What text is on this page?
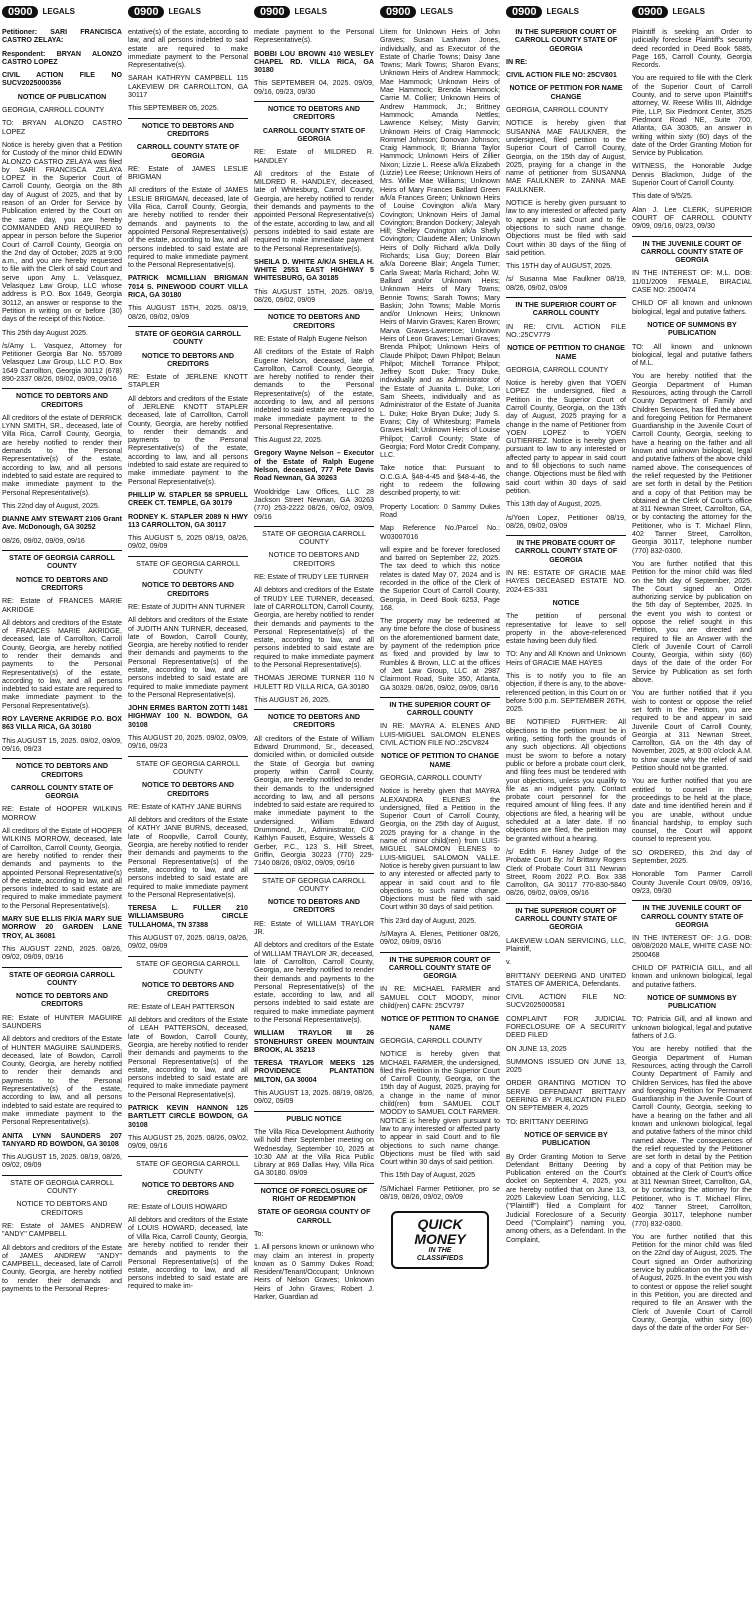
0900	LEGALS

Petitioner: SARI FRANCISCA CASTRO ZELAYA:

Respondent: BRYAN ALONZO CASTRO LOPEZ

CIVIL ACTION FILE NO SUCV2025000356

NOTICE OF PUBLICATION

GEORGIA, CARROLL COUNTY

TO: BRYAN ALONZO CASTRO LOPEZ

Notice is hereby given that a Petition for Custody of the minor child EDWIN ALONZO CASTRO ZELAYA was filed by SARI FRANCISCA ZELAYA LOPEZ in the Superior Court of Carroll County, Georgia on the 8th day of August of 2025, and that by reason of an Order for Service by Publication entered by the Court on the same day, you are hereby COMMANDED AND REQUIRED to appear in person before the Superior Court of Carroll County, Georgia on the 2nd day of October, 2025 at 9:00 a.m., and you are hereby requested to file with the Clerk of said Court and serve upon Amy L. Velasquez, Velasquez Law Group, LLC whose address is P.O. Box 1649, Georgia 30112, an answer or response to the Petition in writing on or before (30) days of the receipt of this Notice.

This 25th day August 2025.

/s/Amy L. Vasquez, Attorney for Petitioner Georgia Bar No. 557089 Velasquez Law Group, LLC P.O. Box 1649 Carrollton, Georgia 30112 (678) 890-2337 08/26, 09/02, 09/09, 09/16

NOTICE TO DEBTORS AND CREDITORS

All creditors of the estate of DERRICK LYNN SMITH, SR., deceased, late of Villa Rica, Carroll County, Georgia, are hereby notified to render their demands to the Personal Representative(s) of the estate, according to law, and all persons indebted to said estate are required to make immediate payment to the Personal Representative(s).

This 22nd day of August, 2025.

DIANNE AMY STEWART 2106 Grant Ave. McDonough, GA 30252

08/26, 09/02, 09/09, 09/16

STATE OF GEORGIA CARROLL COUNTY

NOTICE TO DEBTORS AND CREDITORS

RE: Estate of FRANCES MARIE AKRIDGE

All debtors and creditors of the Estate of FRANCES MARIE AKRIDGE, deceased, late of Carrollton, Carroll County, Georgia, are hereby notified to render their demands and payments to the Personal Representative(s) of the estate, according to law, and all persons indebted to said estate are required to make immediate payment to the Personal Representative(s).

ROY LAVERNE AKRIDGE P.O. BOX 863 VILLA RICA, GA 30180

This AUGUST 15, 2025. 09/02, 09/09, 09/16, 09/23

NOTICE TO DEBTORS AND CREDITORS

CARROLL COUNTY STATE OF GEORGIA

RE: Estate of HOOPER WILKINS MORROW

All creditors of the Estate of HOOPER WILKINS MORROW, deceased, late of Carrollton, Carroll County, Georgia, are hereby notified to render their demands and payments to the appointed Personal Representative(s) of the estate, according to law, and all persons indebted to said estate are required to make immediate payment to the Personal Representative(s).

MARY SUE ELLIS F/K/A MARY SUE MORROW 20 GARDEN LANE TROY, AL 36081

This AUGUST 22ND, 2025. 08/26, 09/02, 09/09, 09/16

STATE OF GEORGIA CARROLL COUNTY

NOTICE TO DEBTORS AND CREDITORS

RE: Estate of HUNTER MAGUIRE SAUNDERS

All debtors and creditors of the Estate of HUNTER MAGUIRE SAUNDERS, deceased, late of Bowdon, Carroll County, Georgia, are hereby notified to render their demands and payments to the Personal Representative(s) of the estate, according to law, and all persons indebted to said estate are required to make immediate payment to the Personal Representative(s).

ANITA LYNN SAUNDERS 207 TANYARD RD BOWDON, GA 30108

This AUGUST 15, 2025. 08/19, 08/26, 09/02, 09/09

STATE OF GEORGIA CARROLL COUNTY

NOTICE TO DEBTORS AND CREDITORS

RE: Estate of JAMES ANDREW "ANDY" CAMPBELL

All debtors and creditors of the Estate of JAMES ANDREW "ANDY" CAMPBELL, deceased, late of Carroll County, Georgia, are hereby notified to render their demands and payments to the Personal Repres-

0900	LEGALS

entative(s) of the estate, according to law, and all persons indebted to said estate are required to make immediate payment to the Personal Representative(s).

SARAH KATHRYN CAMPBELL 115 LAKEVIEW DR CARROLLTON, GA 30117

This SEPTEMBER 05, 2025.

NOTICE TO DEBTORS AND CREDITORS

CARROLL COUNTY STATE OF GEORGIA

RE: Estate of JAMES LESLIE BRIGMAN

All creditors of the Estate of JAMES LESLIE BRIGMAN, deceased, late of Villa Rica, Carroll County, Georgia, are hereby notified to render their demands and payments to the appointed Personal Representative(s) of the estate, according to law, and all persons indebted to said estate are required to make immediate payment to the Personal Representative(s).

PATRICK MCMILLIAN BRIGMAN 7014 S. PINEWOOD COURT VILLA RICA, GA 30180

This AUGUST 15TH, 2025. 08/19, 08/26, 09/02, 09/09

STATE OF GEORGIA CARROLL COUNTY

NOTICE TO DEBTORS AND CREDITORS

RE: Estate of JERLENE KNOTT STAPLER

All debtors and creditors of the Estate of JERLENE KNOTT STAPLER deceased, late of Carrollton, Carroll County, Georgia, are hereby notified to render their demands and payments to the Personal Representative(s) of the estate, according to law, and all persons indebted to said estate are required to make immediate payment to the Personal Representative(s).

PHILLIP W. STAPLER 58 SPRUELL CREEK CT. TEMPLE, GA 30179

RODNEY K. STAPLER 2089 N HWY 113 CARROLLTON, GA 30117

This AUGUST 5, 2025 08/19, 08/26, 09/02, 09/09

STATE OF GEORGIA CARROLL COUNTY

NOTICE TO DEBTORS AND CREDITORS

RE: Estate of JUDITH ANN TURNER

All debtors and creditors of the Estate of JUDITH ANN TURNER, deceased, late of Bowdon, Carroll County, Georgia, are hereby notified to render their demands and payments to the Personal Representative(s) of the estate, according to law, and all persons indebted to said estate are required to make immediate payment to the Personal Representative(s).

JOHN ERMES BARTON ZOTTI 1481 HIGHWAY 100 N. BOWDON, GA 30108

This AUGUST 20, 2025. 09/02, 09/09, 09/16, 09/23

STATE OF GEORGIA CARROLL COUNTY

NOTICE TO DEBTORS AND CREDITORS

RE: Estate of KATHY JANE BURNS

All debtors and creditors of the Estate of KATHY JANE BURNS, deceased, late of Roopville, Carroll County, Georgia, are hereby notified to render their demands and payments to the Personal Representative(s) of the estate, according to law, and all persons indebted to said estate are required to make immediate payment to the Personal Representative(s).

TERESA L. FULLER 210 WILLIAMSBURG CIRCLE TULLAHOMA, TN 37388

This AUGUST 07, 2025. 08/19, 08/26, 09/02, 09/09

STATE OF GEORGIA CARROLL COUNTY

NOTICE TO DEBTORS AND CREDITORS

RE: Estate of LEAH PATTERSON

All debtors and creditors of the Estate of LEAH PATTERSON, deceased, late of Bowdon, Carroll County, Georgia, are hereby notified to render their demands and payments to the Personal Representative(s) of the estate, according to law, and all persons indebted to said estate are required to make immediate payment to the Personal Representative(s).

PATRICK KEVIN HANNON 125 BARTLETT CIRCLE BOWDON, GA 30108

This AUGUST 25, 2025. 08/26, 09/02, 09/09, 09/16

STATE OF GEORGIA CARROLL COUNTY

NOTICE TO DEBTORS AND CREDITORS

RE: Estate of LOUIS HOWARD

All debtors and creditors of the Estate of LOUIS HOWARD, deceased, late of Villa Rica, Carroll County, Georgia, are hereby notified to render their demands and payments to the Personal Representative(s) of the estate, according to law, and all persons indebted to said estate are required to make im-

0900	LEGALS

mediate payment to the Personal Representative(s).

BOBBI LOU BROWN 410 WESLEY CHAPEL RD. VILLA RICA, GA 30180

This SEPTEMBER 04, 2025. 09/09, 09/16, 09/23, 09/30

NOTICE TO DEBTORS AND CREDITORS

CARROLL COUNTY STATE OF GEORGIA

RE: Estate of MILDRED R. HANDLEY

All creditors of the Estate of MILDRED R. HANDLEY, deceased, late of Whitesburg, Carroll County, Georgia, are hereby notified to render their demands and payments to the appointed Personal Representative(s) of the estate, according to law, and all persons indebted to said estate are required to make immediate payment to the Personal Representative(s).

SHEILA D. WHITE A/K/A SHEILA H. WHITE 2551 EAST HIGHWAY 5 WHITESBURG, GA 30185

This AUGUST 15TH, 2025. 08/19, 08/26, 09/02, 09/09

NOTICE TO DEBTORS AND CREDITORS

RE: Estate of Ralph Eugene Nelson

All creditors of the Estate of Ralph Eugene Nelson, deceased, late of Carrollton, Carroll County, Georgia, are hereby notified to render their demands to the Personal Representative(s) of the estate, according to law, and all persons indebted to said estate are required to make immediate payment to the Personal Representative.

This August 22, 2025.

Gregory Wayne Nelson – Executor of the Estate of Ralph Eugene Nelson, deceased, 777 Pete Davis Road Newnan, GA 30263

Wooldridge Law Offices, LLC 28 Jackson Street Newnan, GA 30263 (770) 253-2222 08/26, 09/02, 09/09, 09/16

STATE OF GEORGIA CARROLL COUNTY

NOTICE TO DEBTORS AND CREDITORS

RE: Estate of TRUDY LEE TURNER

All debtors and creditors of the Estate of TRUDY LEE TURNER, deceased, late of CARROLLTON, Carroll County, Georgia, are hereby notified to render their demands and payments to the Personal Representative(s) of the estate, according to law, and all persons indebted to said estate are required to make immediate payment to the Personal Representative(s).

THOMAS JEROME TURNER 110 N HULETT RD VILLA RICA, GA 30180

This AUGUST 26, 2025.

NOTICE TO DEBTORS AND CREDITORS

All creditors of the Estate of William Edward Drummond, Sr., deceased, domiciled within, or domiciled outside the State of Georgia but owning property within Carroll County, Georgia, are hereby notified to render their demands to the undersigned according to law, and all persons indebted to said estate are required to make immediate payment to the undersigned. William Edward Drummond, Jr., Administrator, C/O Kathlyn Fausett, Esquire, Wessels & Gerber, P.C., 123 S. Hill Street, Griffin, Georgia 30223 (770) 229-7140 08/26, 09/02, 09/09, 09/16

STATE OF GEORGIA CARROLL COUNTY

NOTICE TO DEBTORS AND CREDITORS

RE: Estate of WILLIAM TRAYLOR JR.

All debtors and creditors of the Estate of WILLIAM TRAYLOR JR, deceased, late of Carrollton, Carroll County, Georgia, are hereby notified to render their demands and payments to the Personal Representative(s) of the estate, according to law, and all persons indebted to said estate are required to make immediate payment to the Personal Representative(s).

WILLIAM TRAYLOR III 26 STONEHURST GREEN MOUNTAIN BROOK, AL 35213

TERESA TRAYLOR MEEKS 125 PROVIDENCE PLANTATION MILTON, GA 30004

This AUGUST 13, 2025. 08/19, 08/26, 09/02, 09/09

PUBLIC NOTICE

The Villa Rica Development Authority will hold their September meeting on Wednesday, September 10, 2025 at 10:30 AM at the Villa Rica Public Library at 869 Dallas Hwy, Villa Rica GA 30180. 09/09

NOTICE OF FORECLOSURE OF RIGHT OF REDEMPTION

STATE OF GEORGIA COUNTY OF CARROLL

To:

1. All persons known or unknown who may claim an interest in property known as 0 Sammy Dukes Road; Resident/Tenant/Occupant; Unknown Heirs of Nelson Graves; Unknown Heirs of John Graves; Robert J. Harker, Guardian ad

0900	LEGALS

Litem for Unknown Heirs of John Graves; Susan Lashawn Jones, individually, and as Executor of the Estate of Charlie Towns; Daisy Jane Towns; Mark Towns; Sharon Evans; Unknown Heirs of Andrew Hammock; Mae Hammock; Unknown Heirs of Mae Hammock; Brenda Hammock; Carrie M. Collier; Unknown Heirs of Andrew Hammock, Jr.; Brittney Hammock; Amanda Nettles; Lawrence Kelsey; Misty Garvin; Unknown Heirs of Craig Hammock; Rommel Johnson; Donovan Johnson; Craig Hammock, II; Brianna Taylor Hammock; Unknown Heirs of Zillier Nixon; Lizzie L. Reese a/k/a Elizabeth (Lizzie) Lee Reese; Unknown Heirs of Mrs. Willie Mae Williams; Unknown Heirs of Mary Frances Ballard Green a/k/a Frances Green; Unknown Heirs of Louise Covington a/k/a Mary Covington; Unknown Heirs of Jamal Covington; Brandon Dockery; Jaleyah Hill; Shelley Covington a/k/a Shelly Covington; Claudette Allen; Unknown Heirs of Dolly Richard a/k/a Dolly Richards; Lisa Guy; Doreen Blair a/k/a Doreene Blair; Angela Turner; Carla Sweat; Marla Richard; John W. Ballard and/or Unknown Heirs; Unknown Heirs of Mary Towns; Bennie Towns; Sarah Towns; Mary Baskin; John Towns; Mable Morris and/or Unknown Heirs; Unknown Heirs of Marvin Graves; Karen Brown; Marva Graves-Lawrence; Unknown Heirs of Leon Graves; Lemari Graves; Brenda Philpot; Unknown Heirs of Claude Philpot; Dawn Philpot; Belaun Philpot; Mitchell Torrance Philpot; Jeffrey Scott Duke; Tracy Duke, individually and as Administrator of the Estate of Juanita L. Duke; Lori Sam Sheets, individually and as Administrator of the Estate of Juanita L. Duke; Hoke Bryan Duke; Judy S. Evans; City of Whitesburg; Pamela Graves Hall; Unknown Heirs of Louise Philpot; Carroll County; State of Georgia; Ford Motor Credit Company, LLC.

Take notice that: Pursuant to O.C.G.A. §48-4-45 and §48-4-46, the right to redeem the following described property, to wit:

Property Location: 0 Sammy Dukes Road

Map Reference No./Parcel No.: W03007016

will expire and be forever foreclosed and barred on September 22, 2025. The tax deed to which this notice relates is dated May 07, 2024 and is recorded in the office of the Clerk of the Superior Court of Carroll County, Georgia, in Deed Book 6253, Page 168.

The property may be redeemed at any time before the close of business on the aforementioned barment date, by payment of the redemption price as fixed and provided by law to Rumbles & Brown, LLC at the offices of Jett Law Group, LLC at 2987 Clairmont Road, Suite 350, Atlanta, GA 30329. 08/26, 09/02, 09/09, 09/16

IN THE SUPERIOR COURT OF CARROLL COUNTY

IN RE: MAYRA A. ELENES AND LUIS-MIGUEL SALOMON ELENES CIVIL ACTION FILE NO.:25CV824

NOTICE OF PETITION TO CHANGE NAME

GEORGIA, CARROLL COUNTY

Notice is hereby given that MAYRA ALEXANDRA ELENES the undersigned, filed a Petition in the Superior Court of Carroll County, Georgia, on the 25th day of August, 2025 praying for a change in the name of minor child(ren) from LUIS-MIGUEL SALOMON ELENES to LUIS-MIGUEL SALOMON VALLE. Notice is hereby given pursuant to law to any interested or affected party to appear in said court and to file objections to such name change. Objections must be filed with said Court within 30 days of said petition.

This 23rd day of August, 2025.

/s/Mayra A. Elenes, Petitioner 08/26, 09/02, 09/09, 09/16

IN THE SUPERIOR COURT OF CARROLL COUNTY STATE OF GEORGIA

IN RE: MICHAEL FARMER and SAMUEL COLT MOODY, minor child(ren) CAFN: 25CV797

NOTICE OF PETITION TO CHANGE NAME

GEORGIA, CARROLL COUNTY

NOTICE is hereby given that MICHAEL FARMER, the undersigned, filed this Petition in the Superior Court of Carroll County, Georgia, on the 15th day of August, 2025, praying for a change in the name of minor child(ren) from SAMUEL COLT MOODY to SAMUEL COLT FARMER. NOTICE is hereby given pursuant to law to any interested or affected party to appear in said Court and to file objections to such name change. Objections must be filed with said Court within 30 days of said petition.

This 15th Day of August, 2025

/S/Michael Farmer Petitioner, pro se 08/19, 08/26, 09/02, 09/09

QUICK
MONEY
IN THE
CLASSIFIEDS
0900	LEGALS

IN THE SUPERIOR COURT OF CARROLL COUNTY STATE OF GEORGIA

IN RE:

CIVIL ACTION FILE NO: 25CV801

NOTICE OF PETITION FOR NAME CHANGE

GEORGIA, CARROLL COUNTY

NOTICE is hereby given that SUSANNA MAE FAULKNER, the undersigned, filed petition to the Superior Court of Carroll County, Georgia, on the 15th day of August, 2025, praying for a change in the name of petitioner from SUSANNA MAE FAULKNER to ZANNA MAE FAULKNER.

NOTICE is hereby given pursuant to law to any interested or affected party to appear in said Court and to file objections to such name change. Objections must be filed with said Court within 30 days of the filing of said petition.

This 15TH day of AUGUST, 2025.

/s/ Susanna Mae Faulkner 08/19, 08/26, 09/02, 09/09

IN THE SUPERIOR COURT OF CARROLL COUNTY

IN RE: CIVIL ACTION FILE NO.:25CV779

NOTICE OF PETITION TO CHANGE NAME

GEORGIA, CARROLL COUNTY

Notice is hereby given that YOEN LOPEZ the undersigned, filed a Petition in the Superior Court of Carroll County, Georgia, on the 13th day of August, 2025 praying for a change in the name of Petitioner from YOEN LOPEZ to YOEN GUTIERREZ. Notice is hereby given pursuant to law to any interested or affected party to appear in said court and to fill objections to such name change. Objections must be filed with said court within 30 days of said petition.

This 13th day of August, 2025.

/s/Yoen Lopez, Petitioner 08/19, 08/26, 09/02, 09/09

IN THE PROBATE COURT OF CARROLL COUNTY STATE OF GEORGIA

IN RE: ESTATE OF GRACIE MAE HAYES DECEASED ESTATE NO. 2024-ES-331

NOTICE

The petition of personal representative for leave to sell property in the above-referenced estate having been duly filed.

TO: Any and All Known and Unknown Heirs of GRACIE MAE HAYES

This is to notify you to file an objection, if there is any, to the above-referenced petition, in this Court on or before 5:00 p.m. SEPTEMBER 26TH, 2025.

BE NOTIFIED FURTHER: All objections to the petition must be in writing, setting forth the grounds of any such objections. All objections must be sworn to before a notary public or before a probate court clerk, and filing fees must be tendered with your objections, unless you qualify to file as an indigent party. Contact probate court personnel for the required amount of filing fees. If any objections are filed, a hearing will be scheduled at a later date. If no objections are filed, the petition may be granted without a hearing.

/s/ Edith F. Haney Judge of the Probate Court By: /s/ Brittany Rogers Clerk of Probate Court 311 Newnan Street, Room 2022 P.O. Box 338 Carrollton, GA 30117 770-830-5840 08/26, 09/02, 09/09, 09/16

IN THE SUPERIOR COURT OF CARROLL COUNTY STATE OF GEORGIA

LAKEVIEW LOAN SERVICING, LLC, Plaintiff,

v.

BRITTANY DEERING AND UNITED STATES OF AMERICA, Defendants.

CIVIL ACTION FILE NO: SUCV2025000581

COMPLAINT FOR JUDICIAL FORECLOSURE OF A SECURITY DEED FILED

ON JUNE 13, 2025

SUMMONS ISSUED ON JUNE 13, 2025

ORDER GRANTING MOTION TO SERVE DEFENDANT BRITTANY DEERING BY PUBLICATION FILED ON SEPTEMBER 4, 2025

TO: BRITTANY DEERING

NOTICE OF SERVICE BY PUBLICATION

By Order Granting Motion to Serve Defendant Brittany Deering by Publication entered on the Court's docket on September 4, 2025, you are hereby notified that on June 13, 2025 Lakeview Loan Servicing, LLC ("Plaintiff") filed a Complaint for Judicial Foreclosure of a Security Deed ("Complaint") naming you, among others, as a Defendant. In the Complaint,

0900	LEGALS

Plaintiff is seeking an Order to judicially foreclose Plaintiff's security deed recorded in Deed Book 5885, Page 165, Carroll County, Georgia Records.

You are required to file with the Clerk of the Superior Court of Carroll County, and to serve upon Plaintiff's attorney, W. Reese Willis III, Aldridge Pite, LLP, Six Piedmont Center, 3525 Piedmont Road NE, Suite 700, Atlanta, GA 30305, an answer in writing within sixty (60) days of the date of the Order Granting Motion for Service by Publication.

WITNESS, the Honorable Judge Dennis Blackmon, Judge of the Superior Court of Carroll County.

This date of 9/5/25.

Alan J. Lee CLERK, SUPERIOR COURT OF CARROLL COUNTY 09/09, 09/16, 09/23, 09/30

IN THE JUVENILE COURT OF CARROLL COUNTY STATE OF GEORGIA

IN THE INTEREST OF: M.L. DOB: 11/01/2009 FEMALE, BIRACIAL CASE NO: 2500474

CHILD OF all known and unknown biological, legal and putative fathers.

NOTICE OF SUMMONS BY PUBLICATION

TO: All known and unknown biological, legal and putative fathers of M.L.

You are hereby notified that the Georgia Department of Human Resources, acting through the Carroll County Department of Family and Children Services, has filed the above and foregoing Petition for Permanent Guardianship in the Juvenile Court of Carroll County, Georgia, seeking to have a hearing on the father and all known and unknown biological, legal and putative fathers of the above child named above. The consequences of the relief requested by the Petitioner are set forth in detail by the Petition and a copy of that Petition may be obtained at the Clerk of Court's office at 311 Newnan Street, Carrollton, GA, or by contacting the attorney for the Petitioner, who is T. Michael Flinn, 402 Tanner Street, Carrollton, Georgia 30117, telephone number (770) 832-0300.

You are further notified that this Petition for the minor child was filed on the 5th day of September, 2025. The Court signed an Order authorizing service by publication on the 5th day of September, 2025. In the event you wish to contest or oppose the relief sought in this Petition, you are directed and required to file an Answer with the Clerk of Juvenile Court of Carroll County, Georgia, within sixty (60) days of the date of the order For Service by Publication as set forth above.

You are further notified that if you wish to contest or oppose the relief set forth in the Petition, you are required to be and appear in said Juvenile Court of Carroll County, Georgia at 311 Newnan Street, Carrollton, GA on the 4th day of November, 2025, at 9:00 o'clock A.M. to show cause why the relief of said Petition should not be granted.

You are further notified that you are entitled to counsel in these proceedings to be held at the place, date and time identified herein and if you are unable, without undue financial hardship, to employ such counsel, the Court will appoint counsel to represent you.

SO ORDERED, this 2nd day of September, 2025.

Honorable Tom Parmer Carroll County Juvenile Court 09/09, 09/16, 09/23, 09/30

IN THE JUVENILE COURT OF CARROLL COUNTY STATE OF GEORGIA

IN THE INTEREST OF: J.G. DOB: 08/08/2020 MALE, WHITE CASE NO: 2500468

CHILD OF PATRICIA GILL, and all known and unknown biological, legal and putative fathers.

NOTICE OF SUMMONS BY PUBLICATION

TO: Patricia Gill, and all known and unknown biological, legal and putative fathers of J.G.

You are hereby notified that the Georgia Department of Human Resources, acting through the Carroll County Department of Family and Children Services, has filed the above and foregoing Petition for Permanent Guardianship in the Juvenile Court of Carroll County, Georgia, seeking to have a hearing on the father and all known and unknown biological, legal and putative fathers of the minor child named above. The consequences of the relief requested by the Petitioner are set forth in detail by the Petition and a copy of that Petition may be obtained at the Clerk of Court's office at 311 Newnan Street, Carrollton, GA, or by contacting the attorney for the Petitioner, who is T. Michael Flinn, 402 Tanner Street, Carrollton, Georgia 30117, telephone number (770) 832-0300.

You are further notified that this Petition for the minor child was filed on the 22nd day of August, 2025. The Court signed an Order authorizing service by publication on the 29th day of August, 2025. In the event you wish to contest or oppose the relief sought in this Petition, you are directed and required to file an Answer with the Clerk of Juvenile Court of Carroll County, Georgia, within sixty (60) days of the date of the order For Ser-
